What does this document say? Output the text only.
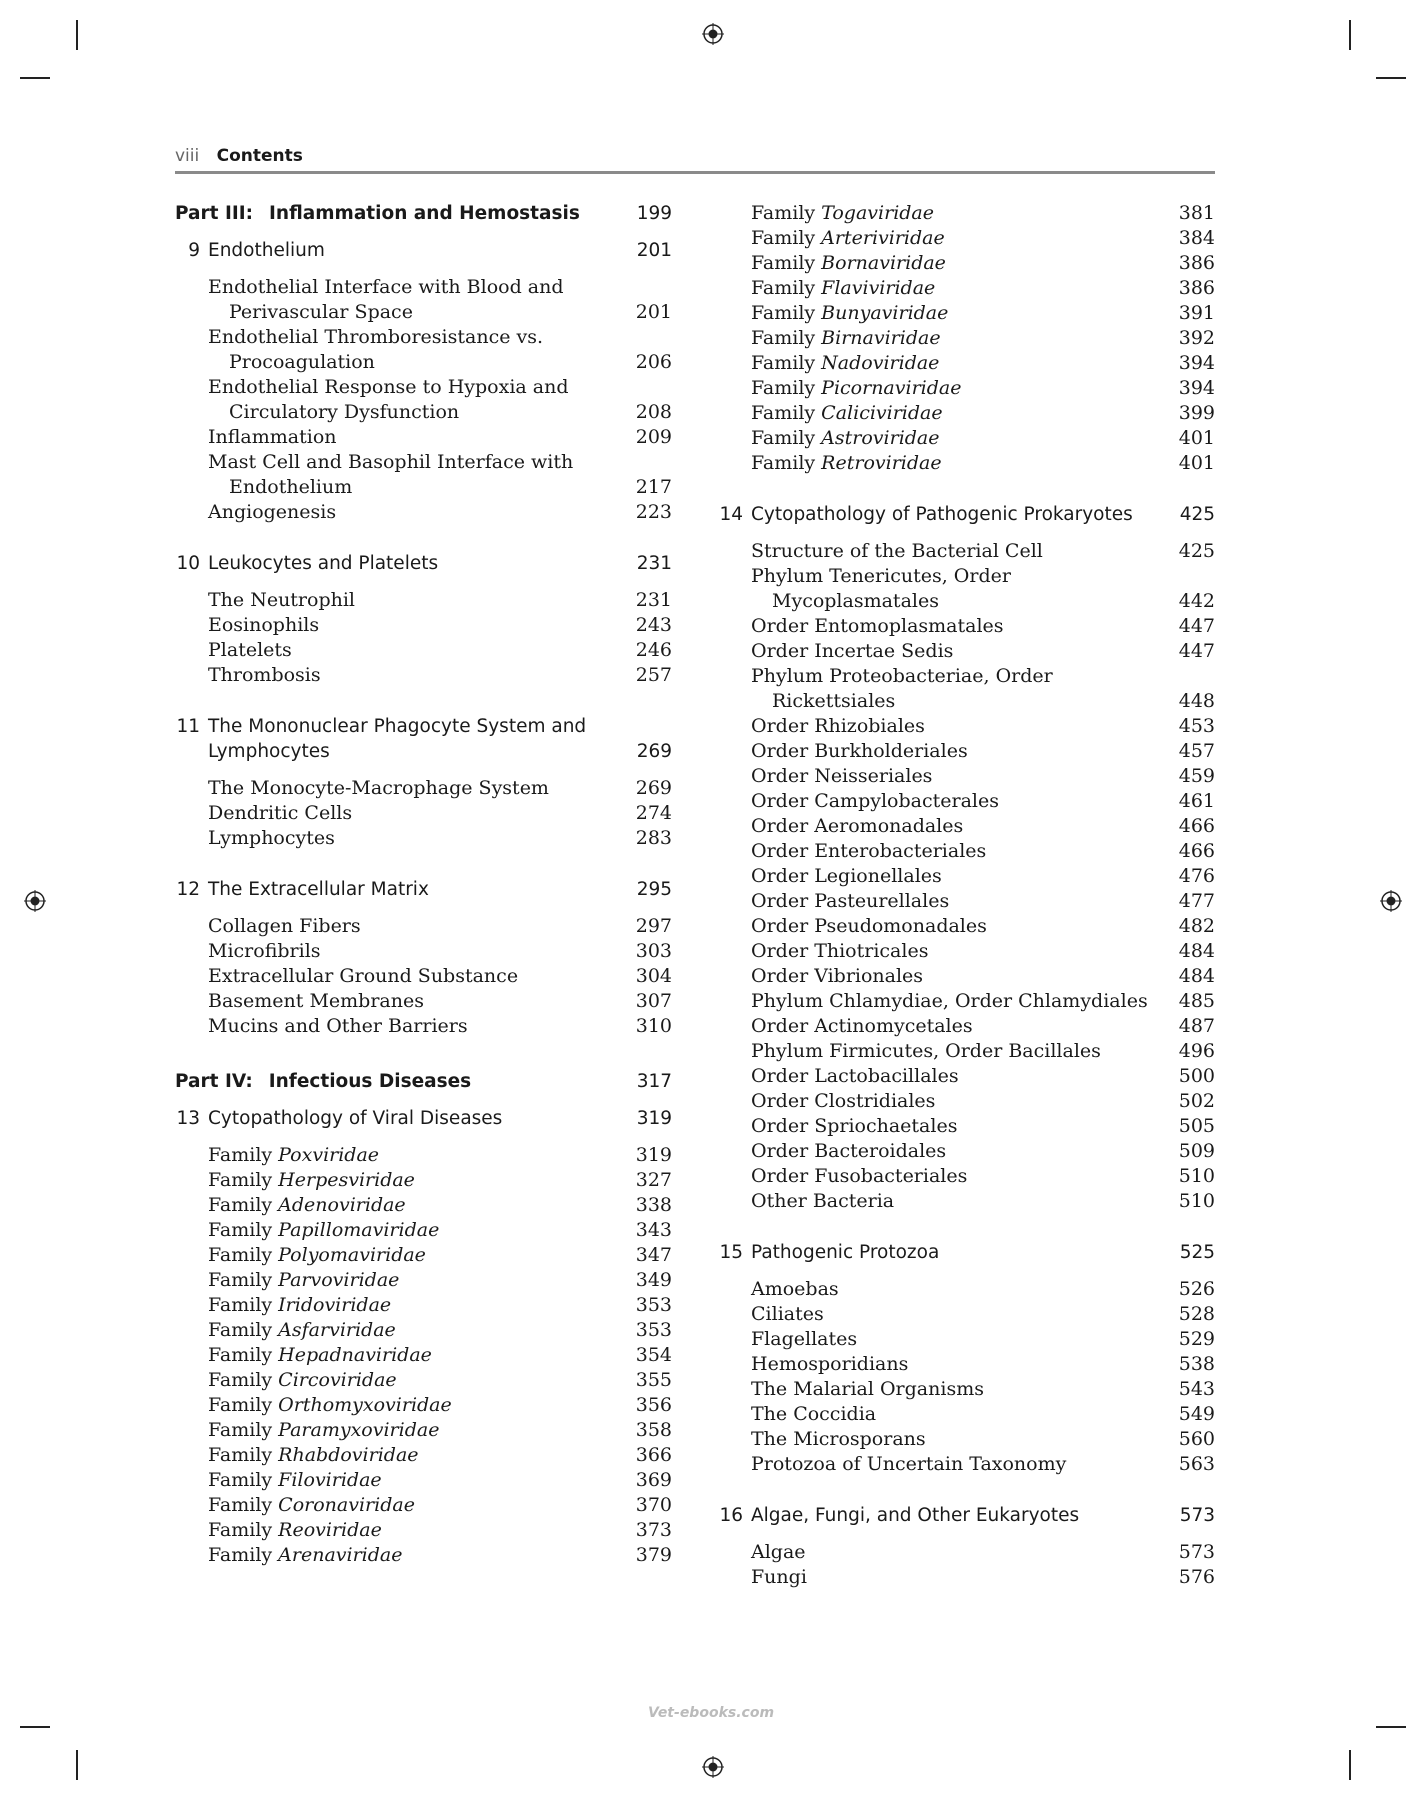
viii Contents
Part III: Inflammation and Hemostasis	199
9 Endothelium	201
Endothelial Interface with Blood and
Perivascular Space	201
Endothelial Thromboresistance vs.
Procoagulation	206
Endothelial Response to Hypoxia and
Circulatory Dysfunction	208
Inflammation	209
Mast Cell and Basophil Interface with
Endothelium	217
Angiogenesis	223
10 Leukocytes and Platelets	231
The Neutrophil	231
Eosinophils	243
Platelets	246
Thrombosis	257
11 The Mononuclear Phagocyte System and Lymphocytes	269
The Monocyte-Macrophage System	269
Dendritic Cells	274
Lymphocytes	283
12 The Extracellular Matrix	295
Collagen Fibers	297
Microfibrils	303
Extracellular Ground Substance	304
Basement Membranes	307
Mucins and Other Barriers	310
Part IV: Infectious Diseases	317
13 Cytopathology of Viral Diseases	319
Family Poxviridae	319
Family Herpesviridae	327
Family Adenoviridae	338
Family Papillomaviridae	343
Family Polyomaviridae	347
Family Parvoviridae	349
Family Iridoviridae	353
Family Asfarviridae	353
Family Hepadnaviridae	354
Family Circoviridae	355
Family Orthomyxoviridae	356
Family Paramyxoviridae	358
Family Rhabdoviridae	366
Family Filoviridae	369
Family Coronaviridae	370
Family Reoviridae	373
Family Arenaviridae	379
Family Togaviridae	381
Family Arteriviridae	384
Family Bornaviridae	386
Family Flaviviridae	386
Family Bunyaviridae	391
Family Birnaviridae	392
Family Nadoviridae	394
Family Picornaviridae	394
Family Caliciviridae	399
Family Astroviridae	401
Family Retroviridae	401
14 Cytopathology of Pathogenic Prokaryotes	425
Structure of the Bacterial Cell	425
Phylum Tenericutes, Order
Mycoplasmatales	442
Order Entomoplasmatales	447
Order Incertae Sedis	447
Phylum Proteobacteriae, Order
Rickettsiales	448
Order Rhizobiales	453
Order Burkholderiales	457
Order Neisseriales	459
Order Campylobacterales	461
Order Aeromonadales	466
Order Enterobacteriales	466
Order Legionellales	476
Order Pasteurellales	477
Order Pseudomonadales	482
Order Thiotricales	484
Order Vibrionales	484
Phylum Chlamydiae, Order Chlamydiales	485
Order Actinomycetales	487
Phylum Firmicutes, Order Bacillales	496
Order Lactobacillales	500
Order Clostridiales	502
Order Spriochaetales	505
Order Bacteroidales	509
Order Fusobacteriales	510
Other Bacteria	510
15 Pathogenic Protozoa	525
Amoebas	526
Ciliates	528
Flagellates	529
Hemosporidians	538
The Malarial Organisms	543
The Coccidia	549
The Microsporans	560
Protozoa of Uncertain Taxonomy	563
16 Algae, Fungi, and Other Eukaryotes	573
Algae	573
Fungi	576
Vet-ebooks.com
